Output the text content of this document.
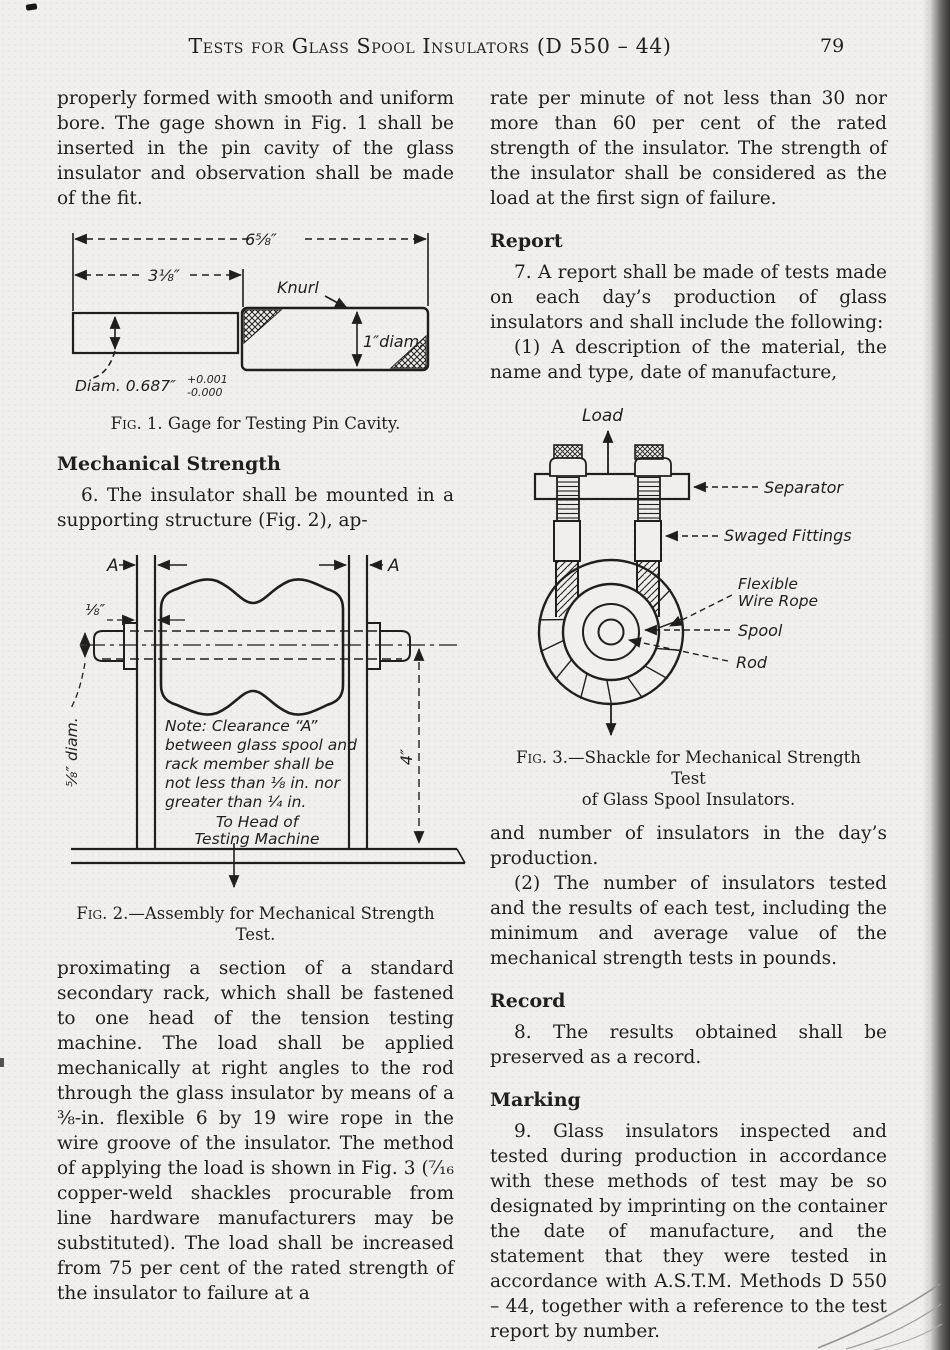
Tests for Glass Spool Insulators (D 550 – 44)	79

properly formed with smooth and uniform bore. The gage shown in Fig. 1 shall be inserted in the pin cavity of the glass insulator and observation shall be made of the fit.

6⅝″
3⅛″
Knurl
1″diam.
Diam. 0.687″ +0.001
-0.000
Fig. 1. Gage for Testing Pin Cavity.
Mechanical Strength

6. The insulator shall be mounted in a supporting structure (Fig. 2), ap-

A	A
⅛″
⅝″ diam.	4″
Note: Clearance “A”
between glass spool and
rack member shall be
not less than ⅛ in. nor
greater than ¼ in.
To Head of
Testing Machine
Fig. 2.—Assembly for Mechanical Strength
Test.

proximating a section of a standard secondary rack, which shall be fastened to one head of the tension testing machine. The load shall be applied mechanically at right angles to the rod through the glass insulator by means of a ⅜-in. flexible 6 by 19 wire rope in the wire groove of the insulator. The method of applying the load is shown in Fig. 3 (⁷⁄₁₆ copper-weld shackles procurable from line hardware manufacturers may be substituted). The load shall be increased from 75 per cent of the rated strength of the insulator to failure at a

rate per minute of not less than 30 nor more than 60 per cent of the rated strength of the insulator. The strength of the insulator shall be considered as the load at the first sign of failure.

Report

7. A report shall be made of tests made on each day’s production of glass insulators and shall include the following:

(1) A description of the material, the name and type, date of manufacture,

Load
Separator
Swaged Fittings
Flexible
Wire Rope
Spool
Rod
Fig. 3.—Shackle for Mechanical Strength Test
of Glass Spool Insulators.

and number of insulators in the day’s production.

(2) The number of insulators tested and the results of each test, including the minimum and average value of the mechanical strength tests in pounds.

Record

8. The results obtained shall be preserved as a record.

Marking

9. Glass insulators inspected and tested during production in accordance with these methods of test may be so designated by imprinting on the container the date of manufacture, and the statement that they were tested in accordance with A.S.T.M. Methods D 550 – 44, together with a reference to the test report by number.
